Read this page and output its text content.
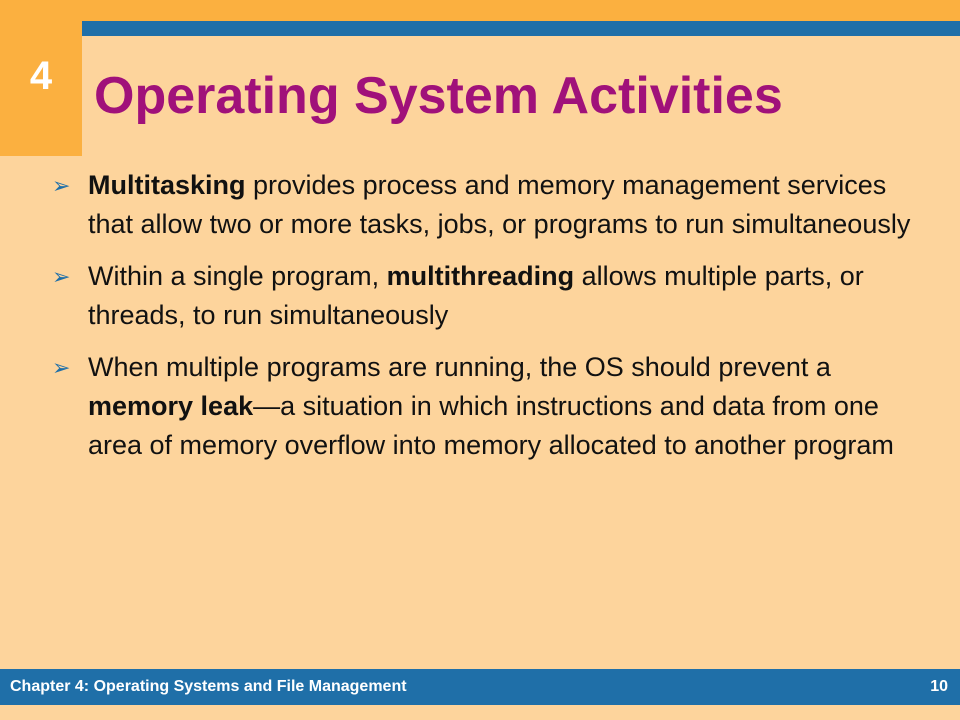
4 Operating System Activities
➢ Multitasking provides process and memory management services that allow two or more tasks, jobs, or programs to run simultaneously
➢ Within a single program, multithreading allows multiple parts, or threads, to run simultaneously
➢ When multiple programs are running, the OS should prevent a memory leak—a situation in which instructions and data from one area of memory overflow into memory allocated to another program
Chapter 4: Operating Systems and File Management	10
